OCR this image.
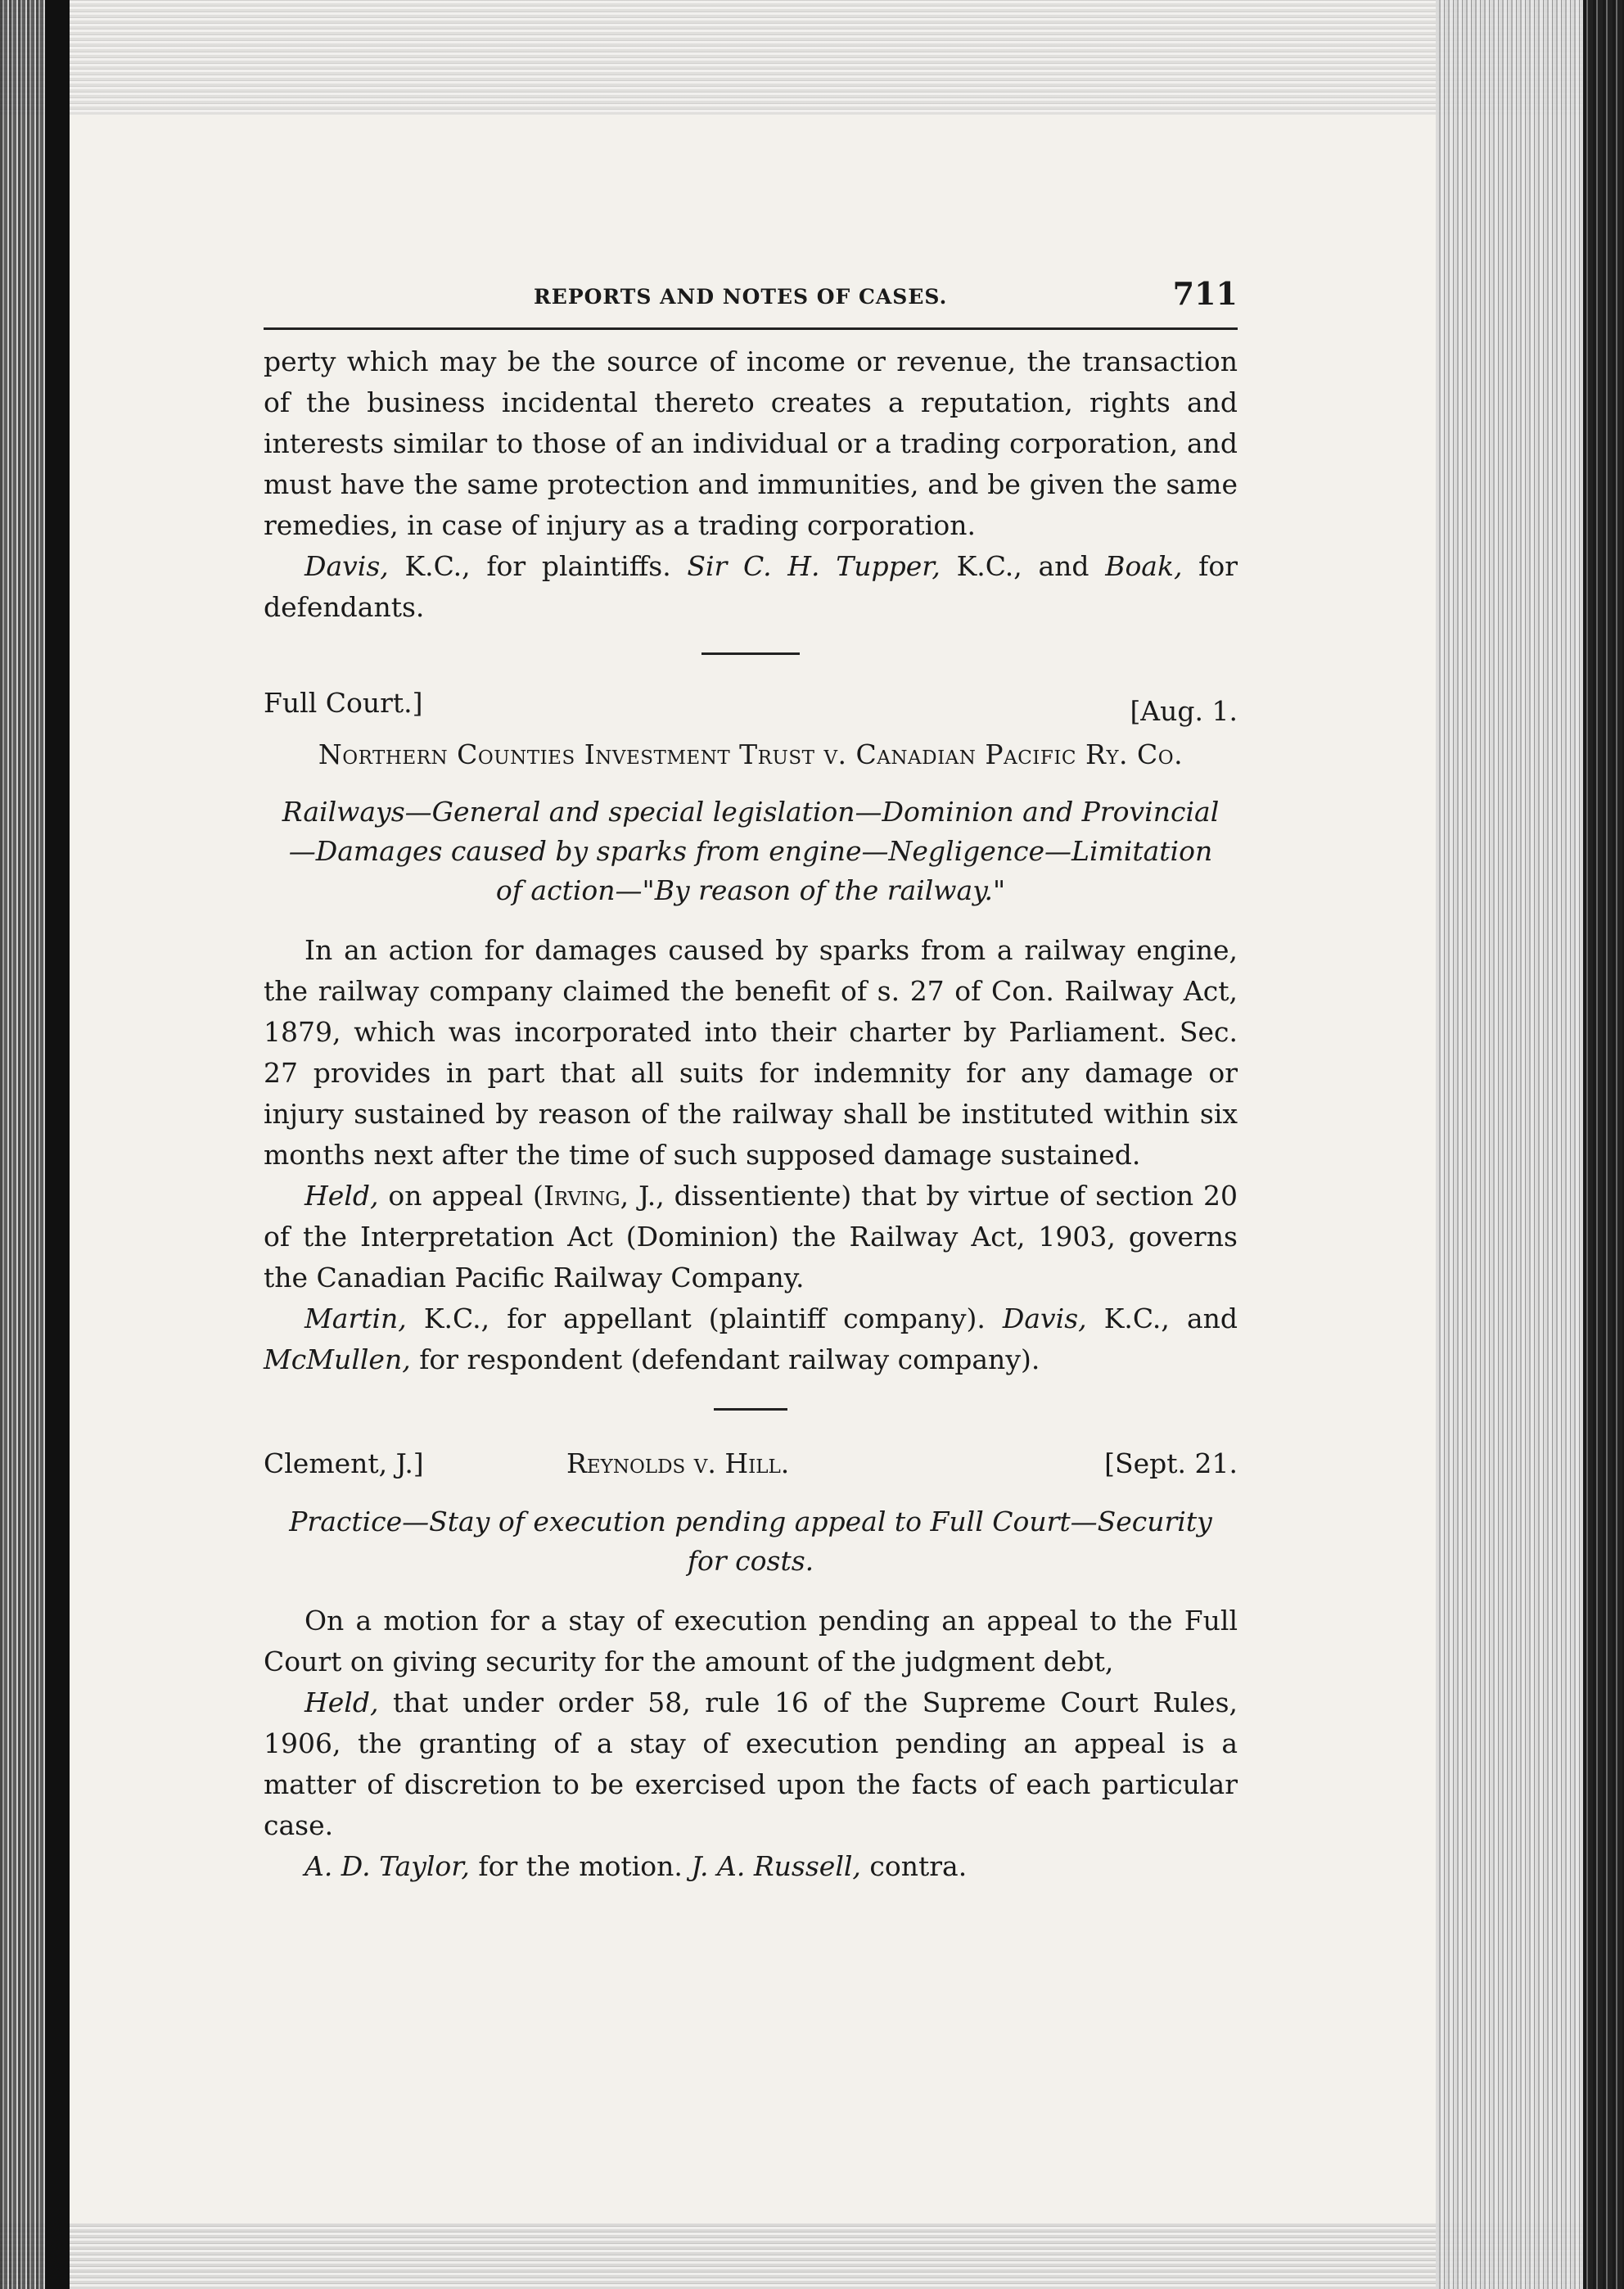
REPORTS AND NOTES OF CASES.	711

perty which may be the source of income or revenue, the transaction of the business incidental thereto creates a reputation, rights and interests similar to those of an individual or a trading corporation, and must have the same protection and immunities, and be given the same remedies, in case of injury as a trading corporation.

Davis, K.C., for plaintiffs. Sir C. H. Tupper, K.C., and Boak, for defendants.

Full Court.]	[Aug. 1.
Northern Counties Investment Trust v. Canadian Pacific Ry. Co.
Railways—General and special legislation—Dominion and Provincial—Damages caused by sparks from engine—Negligence—Limitation of action—"By reason of the railway."

In an action for damages caused by sparks from a railway engine, the railway company claimed the benefit of s. 27 of Con. Railway Act, 1879, which was incorporated into their charter by Parliament. Sec. 27 provides in part that all suits for indemnity for any damage or injury sustained by reason of the railway shall be instituted within six months next after the time of such supposed damage sustained.

Held, on appeal (Irving, J., dissentiente) that by virtue of section 20 of the Interpretation Act (Dominion) the Railway Act, 1903, governs the Canadian Pacific Railway Company.

Martin, K.C., for appellant (plaintiff company). Davis, K.C., and McMullen, for respondent (defendant railway company).

Clement, J.]	Reynolds v. Hill.	[Sept. 21.
Practice—Stay of execution pending appeal to Full Court—Security for costs.

On a motion for a stay of execution pending an appeal to the Full Court on giving security for the amount of the judgment debt,

Held, that under order 58, rule 16 of the Supreme Court Rules, 1906, the granting of a stay of execution pending an appeal is a matter of discretion to be exercised upon the facts of each particular case.

A. D. Taylor, for the motion. J. A. Russell, contra.
